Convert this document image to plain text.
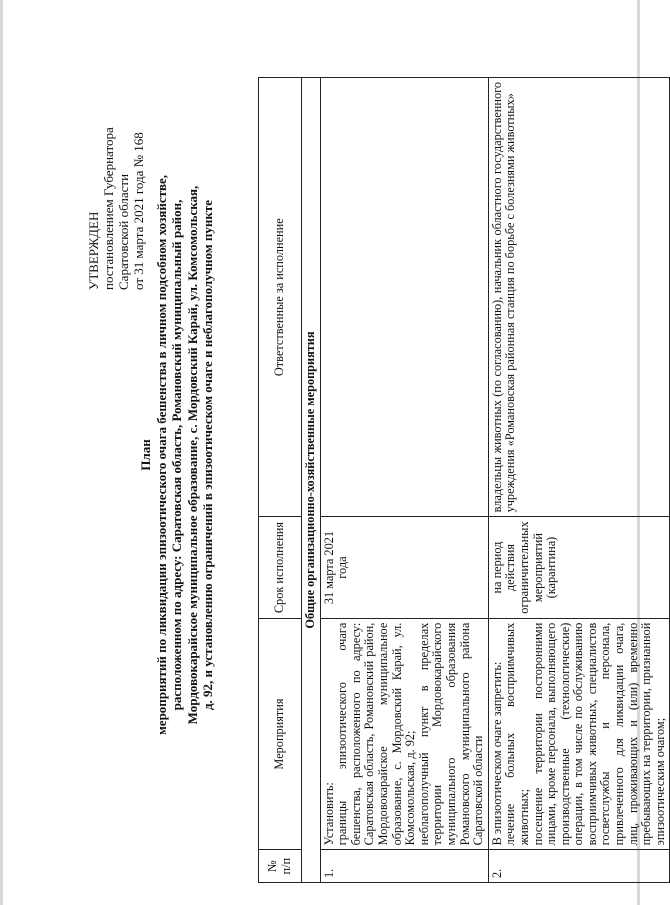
УТВЕРЖДЕН постановлением Губернатора Саратовской области от 31 марта 2021 года № 168
План мероприятий по ликвидации эпизоотического очага бешенства в личном подсобном хозяйстве, расположенном по адресу: Саратовская область, Романовский муниципальный район, Мордовокарайское муниципальное образование, с. Мордовский Карай, ул. Комсомольская, д. 92, и установлению ограничений в эпизоотическом очаге и неблагополучном пункте
№ п/п	Мероприятия	Срок исполнения	Ответственные за исполнение
Общие организационно-хозяйственные мероприятия			
1.	Установить: границы эпизоотического очага бешенства, расположенного по адресу: Саратовская область, Романовский район, Мордовокарайское муниципальное образование, с. Мордовский Карай, ул. Комсомольская, д. 92; неблагополучный пункт в пределах территории Мордовокарайского муниципального образования Романовского муниципального района Саратовской области	31 марта 2021 года	
2.	В эпизоотическом очаге запретить: лечение больных восприимчивых животных; посещение территории посторонними лицами, кроме персонала, выполняющего производственные (технологические) операции, в том числе по обслуживанию восприимчивых животных, специалистов госветслужбы и персонала, привлеченного для ликвидации очага, лиц, проживающих и (или) временно пребывающих на территории, признанной эпизоотическим очагом;	на период действия ограничительных мероприятий (карантина)	владельцы животных (по согласованию), начальник областного государственного учреждения «Романовская районная станция по борьбе с болезнями животных»
